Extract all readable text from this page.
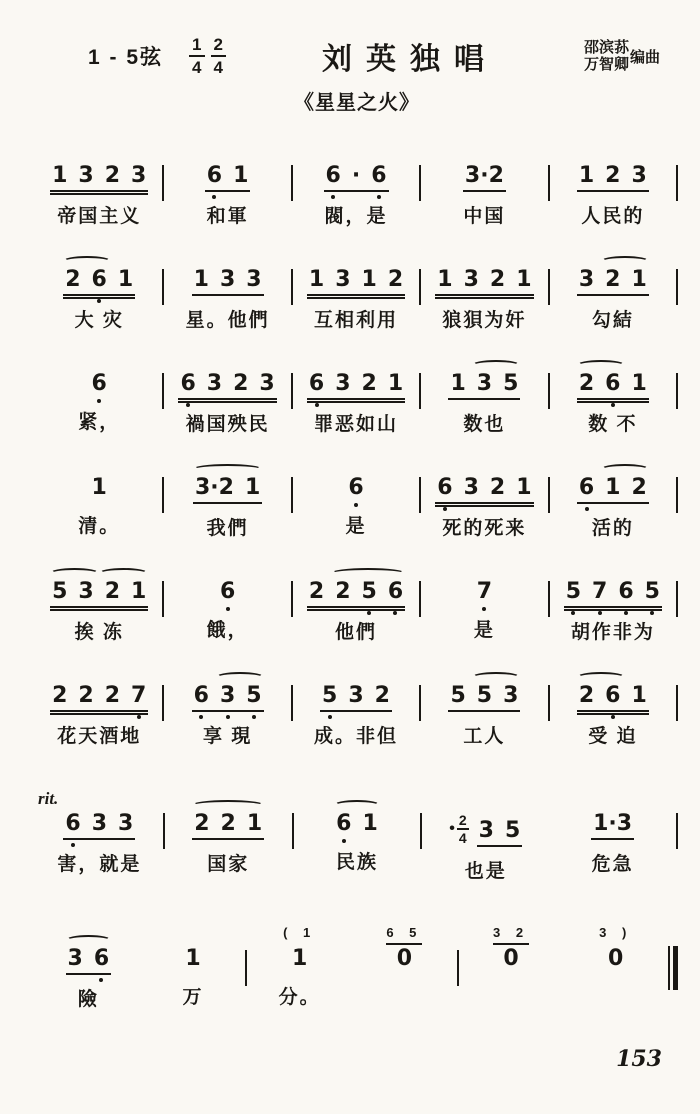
1 - 5弦 $\frac{1}{4} \frac{2}{4}$	刘英独唱	邵滨荪
万智卿 编曲
《星星之火》
1 3 2 3
帝国主义
6 1
和軍
6 · 6
閥，是
3·2
中国
1 2 3
人民的
2 6 1
大 灾
1 3 3
星。他們
1 3 1 2
互相利用
1 3 2 1
狼狽为奸
3 2 1
勾結
6
紧，
6 3 2 3
禍国殃民
6 3 2 1
罪恶如山
1 3 5
数也
2 6 1
数 不
1
清。
3·2 1
我們
6
是
6 3 2 1
死的死来
6 1 2
活的
5 3 2 1
挨 冻
6
餓，
2 2 5 6
他們
7
是
5 7 6 5
胡作非为
2 2 2 7
花天酒地
6 3 5
享 現
5 3 2
成。非但
5 5 3
工人
2 6 1
受 迫
rit.
6 3 3
害，就是
2 2 1
国家
6 1
民族
• $\frac{2}{4} 3$ 5
也是
1·3
危急
3 6
險
1
万
( 1
1
分。
6 5
0
3 2
0
3 )
0
153
